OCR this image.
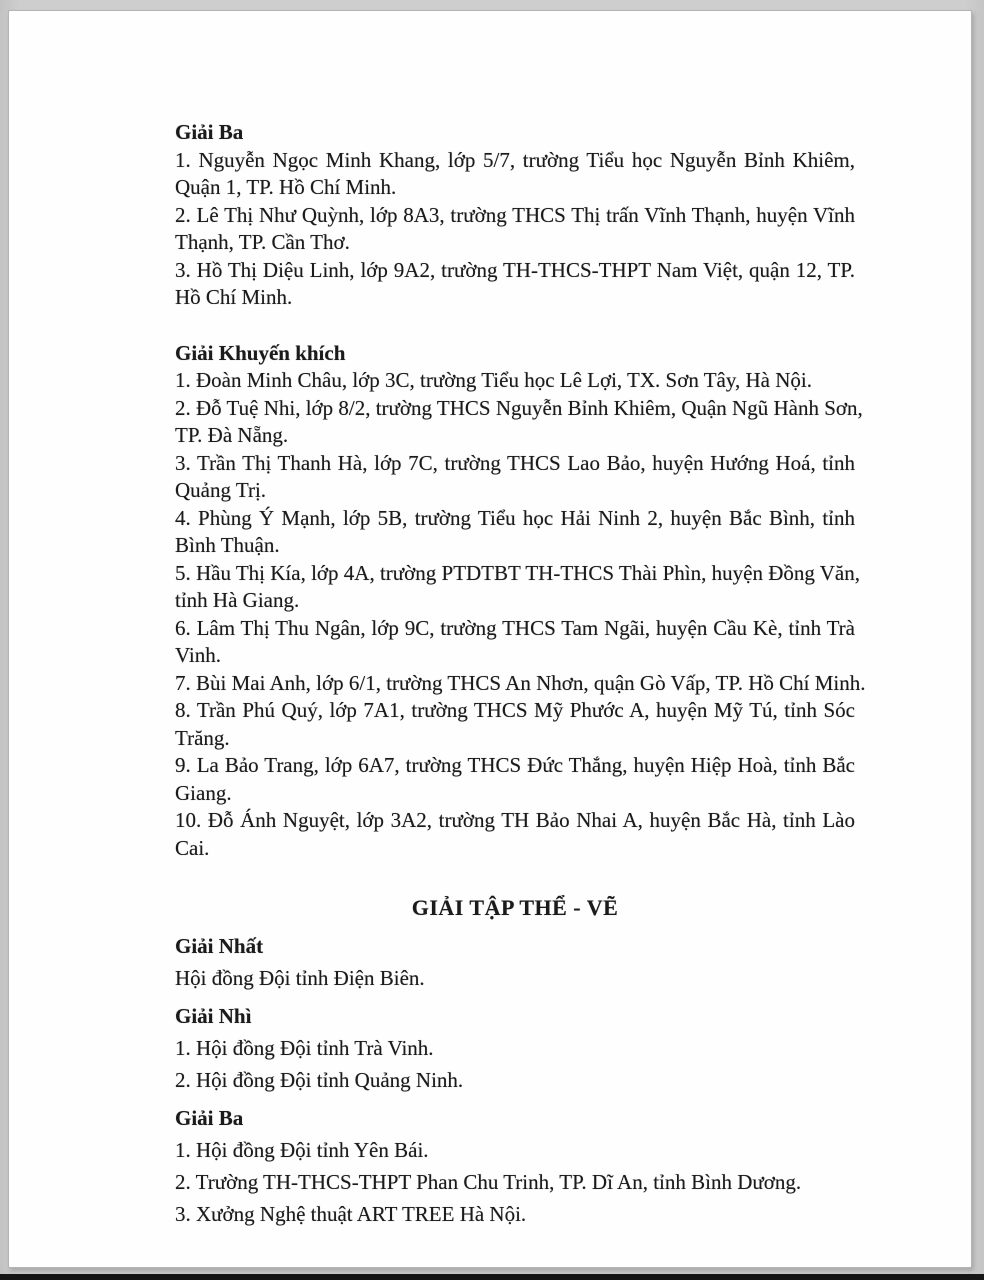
Giải Ba
1. Nguyễn Ngọc Minh Khang, lớp 5/7, trường Tiểu học Nguyễn Bỉnh Khiêm,
Quận 1, TP. Hồ Chí Minh.
2. Lê Thị Như Quỳnh, lớp 8A3, trường THCS Thị trấn Vĩnh Thạnh, huyện Vĩnh
Thạnh, TP. Cần Thơ.
3. Hồ Thị Diệu Linh, lớp 9A2, trường TH-THCS-THPT Nam Việt, quận 12, TP.
Hồ Chí Minh.
Giải Khuyến khích
1. Đoàn Minh Châu, lớp 3C, trường Tiểu học Lê Lợi, TX. Sơn Tây, Hà Nội.
2. Đỗ Tuệ Nhi, lớp 8/2, trường THCS Nguyễn Bỉnh Khiêm, Quận Ngũ Hành Sơn,
TP. Đà Nẵng.
3. Trần Thị Thanh Hà, lớp 7C, trường THCS Lao Bảo, huyện Hướng Hoá, tỉnh
Quảng Trị.
4. Phùng Ý Mạnh, lớp 5B, trường Tiểu học Hải Ninh 2, huyện Bắc Bình, tỉnh
Bình Thuận.
5. Hầu Thị Kía, lớp 4A, trường PTDTBT TH-THCS Thài Phìn, huyện Đồng Văn,
tỉnh Hà Giang.
6. Lâm Thị Thu Ngân, lớp 9C, trường THCS Tam Ngãi, huyện Cầu Kè, tỉnh Trà
Vinh.
7. Bùi Mai Anh, lớp 6/1, trường THCS An Nhơn, quận Gò Vấp, TP. Hồ Chí Minh.
8. Trần Phú Quý, lớp 7A1, trường THCS Mỹ Phước A, huyện Mỹ Tú, tỉnh Sóc
Trăng.
9. La Bảo Trang, lớp 6A7, trường THCS Đức Thắng, huyện Hiệp Hoà, tỉnh Bắc
Giang.
10. Đỗ Ánh Nguyệt, lớp 3A2, trường TH Bảo Nhai A, huyện Bắc Hà, tỉnh Lào
Cai.
GIẢI TẬP THỂ - VẼ
Giải Nhất
Hội đồng Đội tỉnh Điện Biên.
Giải Nhì
1. Hội đồng Đội tỉnh Trà Vinh.
2. Hội đồng Đội tỉnh Quảng Ninh.
Giải Ba
1. Hội đồng Đội tỉnh Yên Bái.
2. Trường TH-THCS-THPT Phan Chu Trinh, TP. Dĩ An, tỉnh Bình Dương.
3. Xưởng Nghệ thuật ART TREE Hà Nội.
